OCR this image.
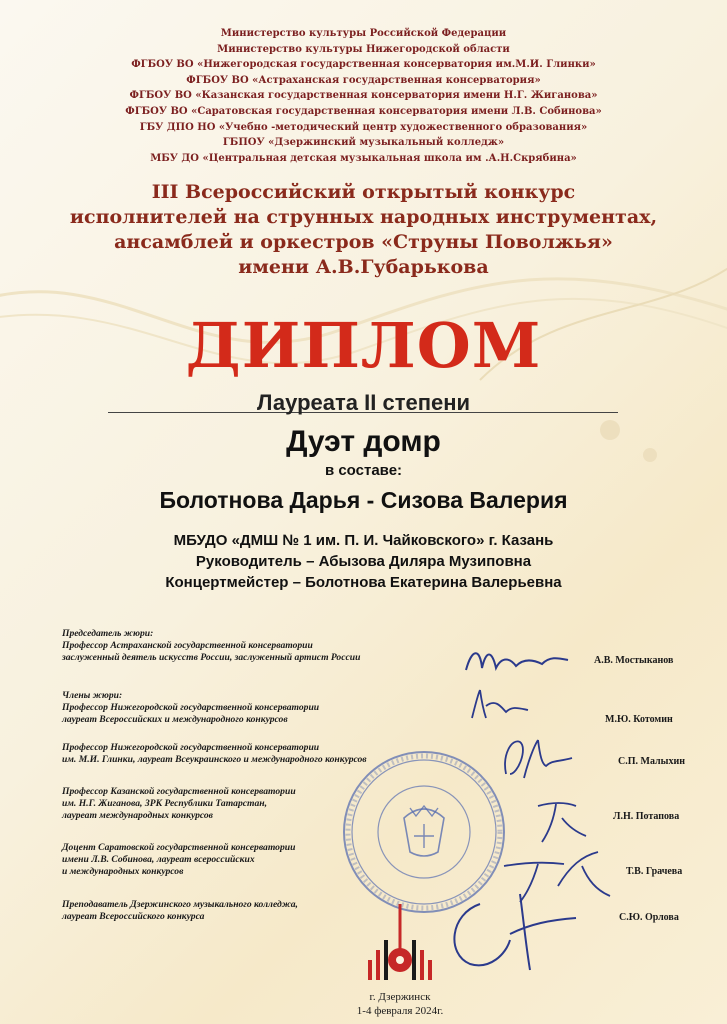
Министерство культуры Российской Федерации
Министерство культуры Нижегородской области
ФГБОУ ВО «Нижегородская государственная консерватория им.М.И. Глинки»
ФГБОУ ВО «Астраханская государственная консерватория»
ФГБОУ ВО «Казанская государственная консерватория имени Н.Г. Жиганова»
ФГБОУ ВО «Саратовская государственная консерватория имени Л.В. Собинова»
ГБУ ДПО НО «Учебно -методический центр художественного образования»
ГБПОУ «Дзержинский музыкальный колледж»
МБУ ДО «Центральная детская музыкальная школа им .А.Н.Скрябина»
III Всероссийский открытый конкурс
исполнителей на струнных народных инструментах,
ансамблей и оркестров «Струны Поволжья»
имени А.В.Губарькова
ДИПЛОМ
Лауреата II степени
Дуэт домр
в составе:
Болотнова Дарья - Сизова Валерия
МБУДО «ДМШ № 1 им. П. И. Чайковского» г. Казань
Руководитель – Абызова Диляра Музиповна
Концертмейстер – Болотнова Екатерина Валерьевна
Председатель жюри:
Профессор Астраханской государственной консерватории
заслуженный деятель искусств России, заслуженный артист России	А.В. Мостыканов
Члены жюри:
Профессор Нижегородской государственной консерватории
лауреат Всероссийских и международного конкурсов	М.Ю. Котомин
Профессор Нижегородской государственной консерватории
им. М.И. Глинки, лауреат Всеукраинского и международного конкурсов	С.П. Малыхин
Профессор Казанской государственной консерватории
им. Н.Г. Жиганова, ЗРК Республики Татарстан,
лауреат международных конкурсов	Л.Н. Потапова
Доцент Саратовской государственной консерватории
имени Л.В. Собинова, лауреат всероссийских
и международных конкурсов	Т.В. Грачева
Преподаватель Дзержинского музыкального колледжа,
лауреат Всероссийского конкурса	С.Ю. Орлова
г. Дзержинск
1-4 февраля 2024г.
